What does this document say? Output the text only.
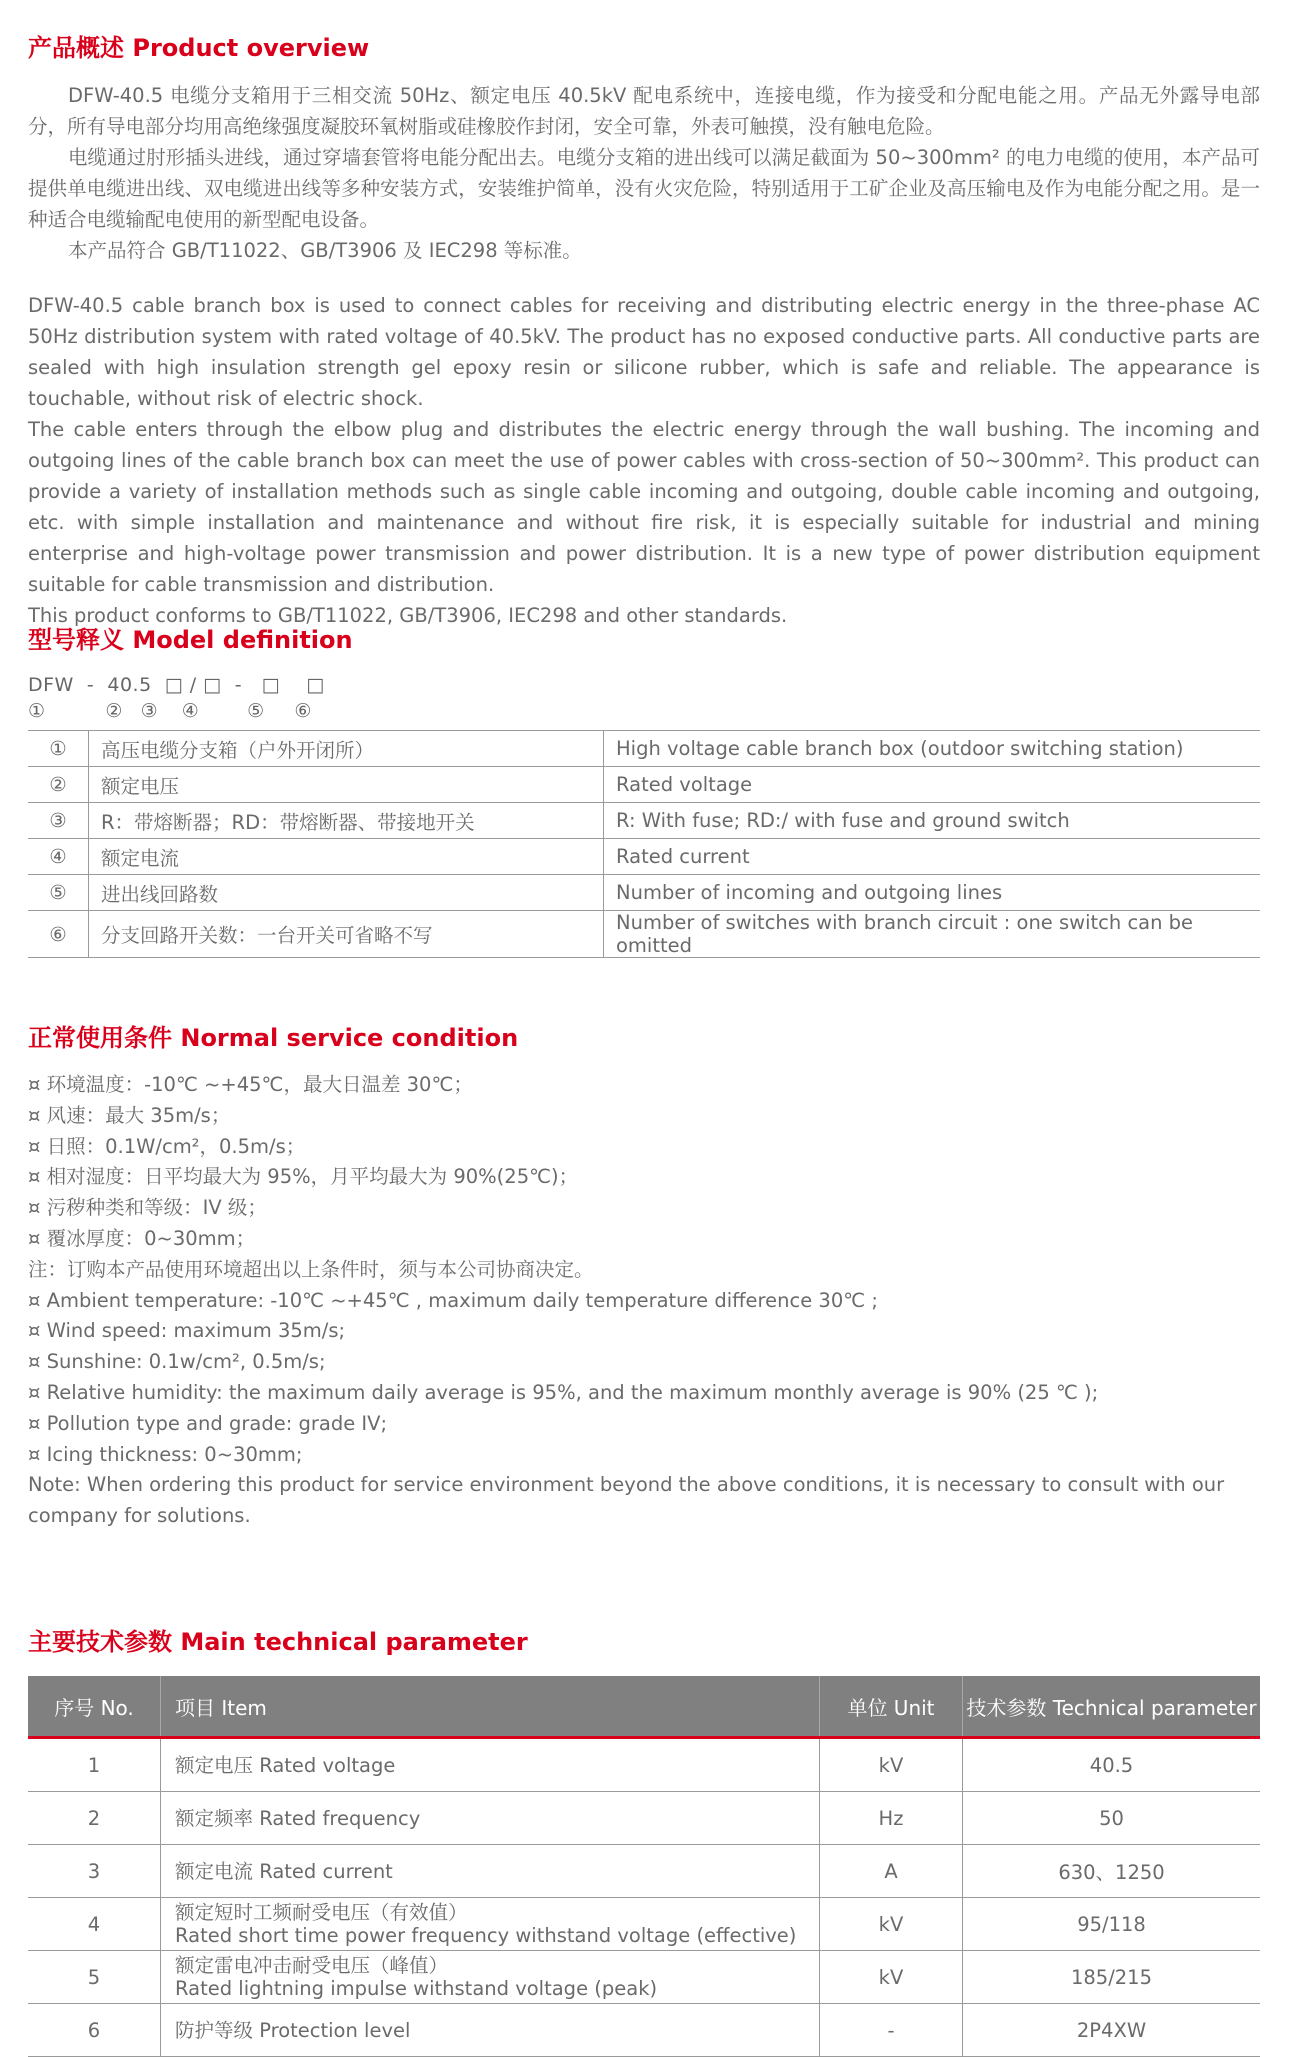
产品概述 Product overview

DFW-40.5 电缆分支箱用于三相交流 50Hz、额定电压 40.5kV 配电系统中，连接电缆，作为接受和分配电能之用。产品无外露导电部分，所有导电部分均用高绝缘强度凝胶环氧树脂或硅橡胶作封闭，安全可靠，外表可触摸，没有触电危险。

电缆通过肘形插头进线，通过穿墙套管将电能分配出去。电缆分支箱的进出线可以满足截面为 50~300mm² 的电力电缆的使用，本产品可提供单电缆进出线、双电缆进出线等多种安装方式，安装维护简单，没有火灾危险，特别适用于工矿企业及高压输电及作为电能分配之用。是一种适合电缆输配电使用的新型配电设备。

本产品符合 GB/T11022、GB/T3906 及 IEC298 等标准。

DFW-40.5 cable branch box is used to connect cables for receiving and distributing electric energy in the three-phase AC 50Hz distribution system with rated voltage of 40.5kV. The product has no exposed conductive parts. All conductive parts are sealed with high insulation strength gel epoxy resin or silicone rubber, which is safe and reliable. The appearance is touchable, without risk of electric shock.

The cable enters through the elbow plug and distributes the electric energy through the wall bushing. The incoming and outgoing lines of the cable branch box can meet the use of power cables with cross-section of 50~300mm². This product can provide a variety of installation methods such as single cable incoming and outgoing, double cable incoming and outgoing, etc. with simple installation and maintenance and without fire risk, it is especially suitable for industrial and mining enterprise and high-voltage power transmission and power distribution. It is a new type of power distribution equipment suitable for cable transmission and distribution.

This product conforms to GB/T11022, GB/T3906, IEC298 and other standards.

型号释义 Model definition
DFW  -  40.5  □ / □  -   □    □
①          ②   ③    ④        ⑤     ⑥
①	高压电缆分支箱（户外开闭所）	High voltage cable branch box (outdoor switching station)
②	额定电压	Rated voltage
③	R：带熔断器；RD：带熔断器、带接地开关	R: With fuse; RD:/ with fuse and ground switch
④	额定电流	Rated current
⑤	进出线回路数	Number of incoming and outgoing lines
⑥	分支回路开关数：一台开关可省略不写	Number of switches with branch circuit : one switch can be omitted
正常使用条件 Normal service condition

¤ 环境温度：-10℃ ~+45℃，最大日温差 30℃；

¤ 风速：最大 35m/s；

¤ 日照：0.1W/cm²，0.5m/s；

¤ 相对湿度：日平均最大为 95%，月平均最大为 90%(25℃)；

¤ 污秽种类和等级：IV 级；

¤ 覆冰厚度：0~30mm；

注：订购本产品使用环境超出以上条件时，须与本公司协商决定。

¤ Ambient temperature: -10℃ ~+45℃ , maximum daily temperature difference 30℃ ;

¤ Wind speed: maximum 35m/s;

¤ Sunshine: 0.1w/cm², 0.5m/s;

¤ Relative humidity: the maximum daily average is 95%, and the maximum monthly average is 90% (25 ℃ );

¤ Pollution type and grade: grade IV;

¤ Icing thickness: 0~30mm;

Note: When ordering this product for service environment beyond the above conditions, it is necessary to consult with our company for solutions.

主要技术参数 Main technical parameter
序号 No.	项目 Item	单位 Unit	技术参数 Technical parameter
1	额定电压 Rated voltage	kV	40.5
2	额定频率 Rated frequency	Hz	50
3	额定电流 Rated current	A	630、1250
4	额定短时工频耐受电压（有效值）
Rated short time power frequency withstand voltage (effective)	kV	95/118
5	额定雷电冲击耐受电压（峰值）
Rated lightning impulse withstand voltage (peak)	kV	185/215
6	防护等级 Protection level	-	2P4XW
